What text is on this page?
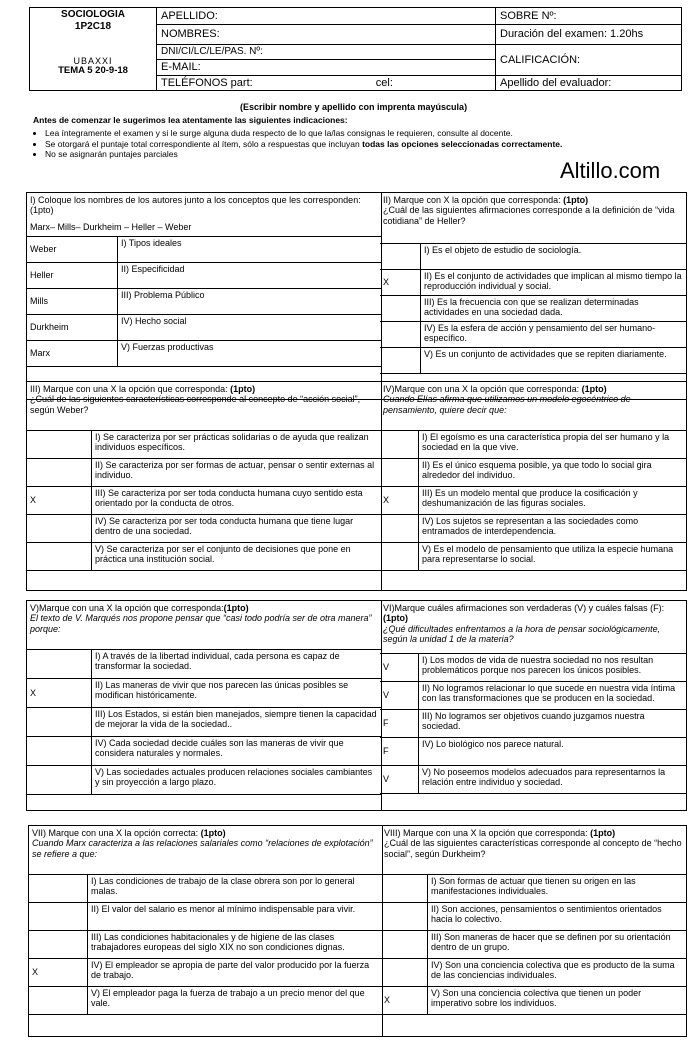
SOCIOLOGIA
1P2C18
UBAXXI
TEMA 5 20-9-18	APELLIDO:	SOBRE Nº:
	NOMBRES:	Duración del examen: 1.20hs
	DNI/CI/LC/LE/PAS. Nº:	CALIFICACIÓN:
	E-MAIL:	
	TELÉFONOS part: cel:	Apellido del evaluador:
(Escribir nombre y apellido con imprenta mayúscula)
Antes de comenzar le sugerimos lea atentamente las siguientes indicaciones:
• Lea íntegramente el examen y si le surge alguna duda respecto de lo que la/las consignas le requieren, consulte al docente.
• Se otorgará el puntaje total correspondiente al ítem, sólo a respuestas que incluyan todas las opciones seleccionadas correctamente.
• No se asignarán puntajes parciales
Altillo.com
I) Coloque los nombres de los autores junto a los conceptos que les corresponden:(1pto)
Marx– Mills– Durkheim – Heller – Weber
Weber	I) Tipos ideales
Heller	II) Especificidad
Mills	III) Problema Público
Durkheim	IV) Hecho social
Marx	V) Fuerzas productivas
II) Marque con X la opción que corresponda: (1pto)
¿Cuál de las siguientes afirmaciones corresponde a la definición de “vida cotidiana” de Heller?
	I) Es el objeto de estudio de sociología.
X	II) Es el conjunto de actividades que implican al mismo tiempo la reproducción individual y social.
	III) Es la frecuencia con que se realizan determinadas actividades en una sociedad dada.
	IV) Es la esfera de acción y pensamiento del ser humano-específico.
	V) Es un conjunto de actividades que se repiten diariamente.
III) Marque con una X la opción que corresponda: (1pto)
¿Cuál de las siguientes características corresponde al concepto de “acción social”, según Weber?
	I) Se caracteriza por ser prácticas solidarias o de ayuda que realizan individuos específicos.
	II) Se caracteriza por ser formas de actuar, pensar o sentir externas al individuo.
X	III) Se caracteriza por ser toda conducta humana cuyo sentido esta orientado por la conducta de otros.
	IV) Se caracteriza por ser toda conducta humana que tiene lugar dentro de una sociedad.
	V) Se caracteriza por ser el conjunto de decisiones que pone en práctica una institución social.
IV)Marque con una X la opción que corresponda: (1pto)
Cuando Elías afirma que utilizamos un modelo egocéntrico de pensamiento, quiere decir que:
	I) El egoísmo es una característica propia del ser humano y la sociedad en la que vive.
	II) Es el único esquema posible, ya que todo lo social gira alrededor del individuo.
X	III) Es un modelo mental que produce la cosificación y deshumanización de las figuras sociales.
	IV) Los sujetos se representan a las sociedades como entramados de interdependencia.
	V) Es el modelo de pensamiento que utiliza la especie humana para representarse lo social.
V)Marque con una X la opción que corresponda:(1pto)
El texto de V. Marqués nos propone pensar que “casi todo podría ser de otra manera” porque:
	I) A través de la libertad individual, cada persona es capaz de transformar la sociedad.
X	II) Las maneras de vivir que nos parecen las únicas posibles se modifican históricamente.
	III) Los Estados, si están bien manejados, siempre tienen la capacidad de mejorar la vida de la sociedad..
	IV) Cada sociedad decide cuáles son las maneras de vivir que considera naturales y normales.
	V) Las sociedades actuales producen relaciones sociales cambiantes y sin proyección a largo plazo.
VI)Marque cuáles afirmaciones son verdaderas (V) y cuáles falsas (F):(1pto)
¿Qué dificultades enfrentamos a la hora de pensar sociológicamente, según la unidad 1 de la materia?
V	I) Los modos de vida de nuestra sociedad no nos resultan problemáticos porque nos parecen los únicos posibles.
V	II) No logramos relacionar lo que sucede en nuestra vida íntima con las transformaciones que se producen en la sociedad.
F	III) No logramos ser objetivos cuando juzgamos nuestra sociedad.
F	IV) Lo biológico nos parece natural.
V	V) No poseemos modelos adecuados para representarnos la relación entre individuo y sociedad.
VII) Marque con una X la opción correcta: (1pto)
Cuando Marx caracteriza a las relaciones salariales como “relaciones de explotación” se refiere a que:
	I) Las condiciones de trabajo de la clase obrera son por lo general malas.
	II) El valor del salario es menor al mínimo indispensable para vivir.
	III) Las condiciones habitacionales y de higiene de las clases trabajadores europeas del siglo XIX no son condiciones dignas.
X	IV) El empleador se apropia de parte del valor producido por la fuerza de trabajo.
	V) El empleador paga la fuerza de trabajo a un precio menor del que vale.
VIII) Marque con una X la opción que corresponda: (1pto)
¿Cuál de las siguientes características corresponde al concepto de “hecho social”, según Durkheim?
	I) Son formas de actuar que tienen su origen en las manifestaciones individuales.
	II) Son acciones, pensamientos o sentimientos orientados hacia lo colectivo.
	III) Son maneras de hacer que se definen por su orientación dentro de un grupo.
	IV) Son una conciencia colectiva que es producto de la suma de las conciencias individuales.
X	V) Son una conciencia colectiva que tienen un poder imperativo sobre los individuos.
